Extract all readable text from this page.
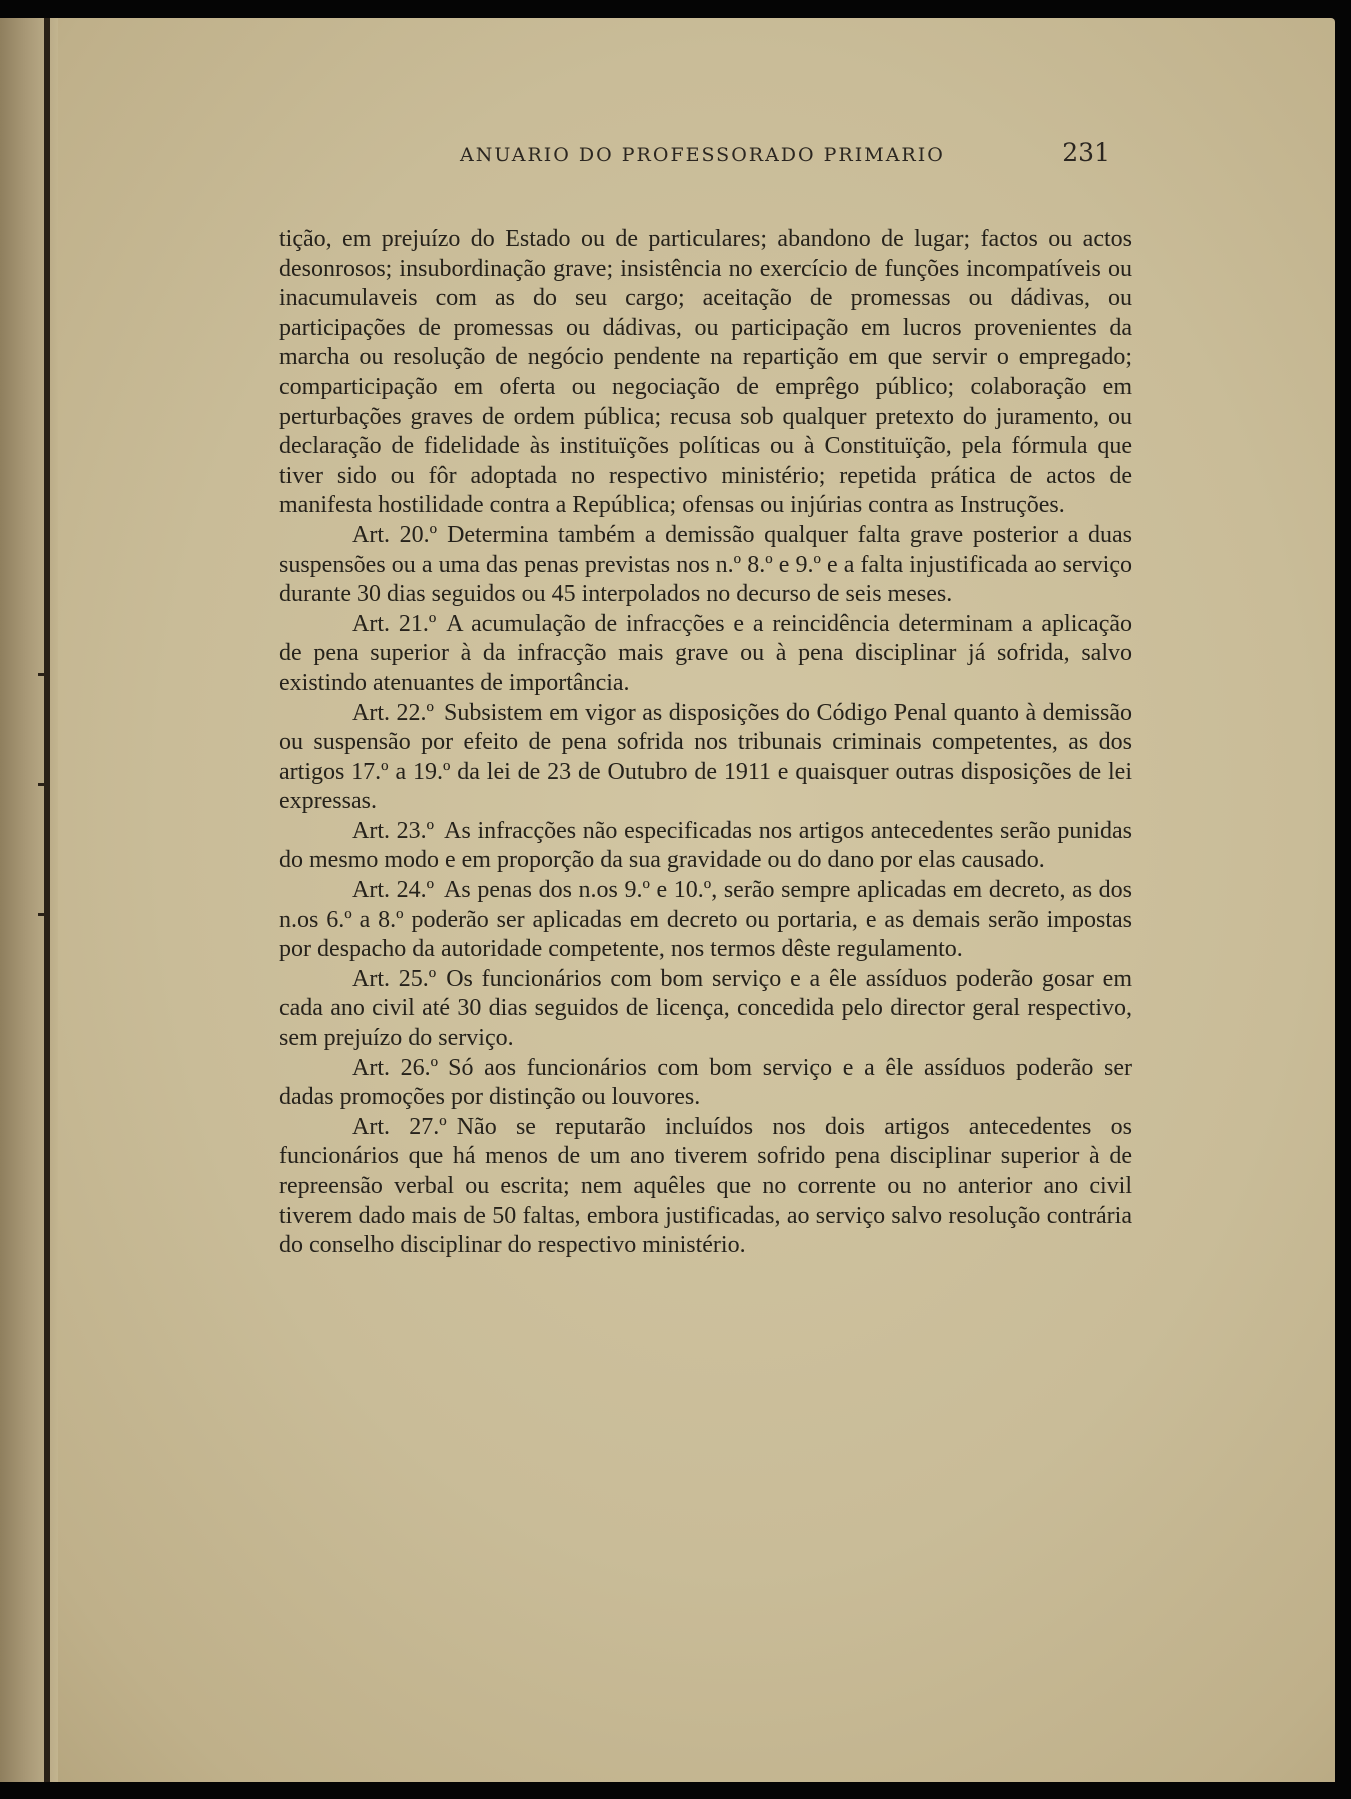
ANUARIO DO PROFESSORADO PRIMARIO	231

tição, em prejuízo do Estado ou de particulares; abandono de lugar; factos ou actos desonrosos; insubordinação grave; insistência no exercício de funções incompatíveis ou inacumulaveis com as do seu cargo; aceitação de promessas ou dádivas, ou participações de promessas ou dádivas, ou participação em lucros provenientes da marcha ou resolução de negócio pendente na repartição em que servir o empregado; comparticipação em oferta ou negociação de emprêgo público; colaboração em perturbações graves de ordem pública; recusa sob qualquer pretexto do juramento, ou declaração de fidelidade às instituïções políticas ou à Constituïção, pela fórmula que tiver sido ou fôr adoptada no respectivo ministério; repetida prática de actos de manifesta hostilidade contra a República; ofensas ou injúrias contra as Instruções.

Art. 20.º Determina também a demissão qualquer falta grave posterior a duas suspensões ou a uma das penas previstas nos n.º 8.º e 9.º e a falta injustificada ao serviço durante 30 dias seguidos ou 45 interpolados no decurso de seis meses.

Art. 21.º A acumulação de infracções e a reincidência determinam a aplicação de pena superior à da infracção mais grave ou à pena disciplinar já sofrida, salvo existindo atenuantes de importância.

Art. 22.º Subsistem em vigor as disposições do Código Penal quanto à demissão ou suspensão por efeito de pena sofrida nos tribunais criminais competentes, as dos artigos 17.º a 19.º da lei de 23 de Outubro de 1911 e quaisquer outras disposições de lei expressas.

Art. 23.º As infracções não especificadas nos artigos antecedentes serão punidas do mesmo modo e em proporção da sua gravidade ou do dano por elas causado.

Art. 24.º As penas dos n.os 9.º e 10.º, serão sempre aplicadas em decreto, as dos n.os 6.º a 8.º poderão ser aplicadas em decreto ou portaria, e as demais serão impostas por despacho da autoridade competente, nos termos dêste regulamento.

Art. 25.º Os funcionários com bom serviço e a êle assíduos poderão gosar em cada ano civil até 30 dias seguidos de licença, concedida pelo director geral respectivo, sem prejuízo do serviço.

Art. 26.º Só aos funcionários com bom serviço e a êle assíduos poderão ser dadas promoções por distinção ou louvores.

Art. 27.º Não se reputarão incluídos nos dois artigos antecedentes os funcionários que há menos de um ano tiverem sofrido pena disciplinar superior à de repreensão verbal ou escrita; nem aquêles que no corrente ou no anterior ano civil tiverem dado mais de 50 faltas, embora justificadas, ao serviço salvo resolução contrária do conselho disciplinar do respectivo ministério.
